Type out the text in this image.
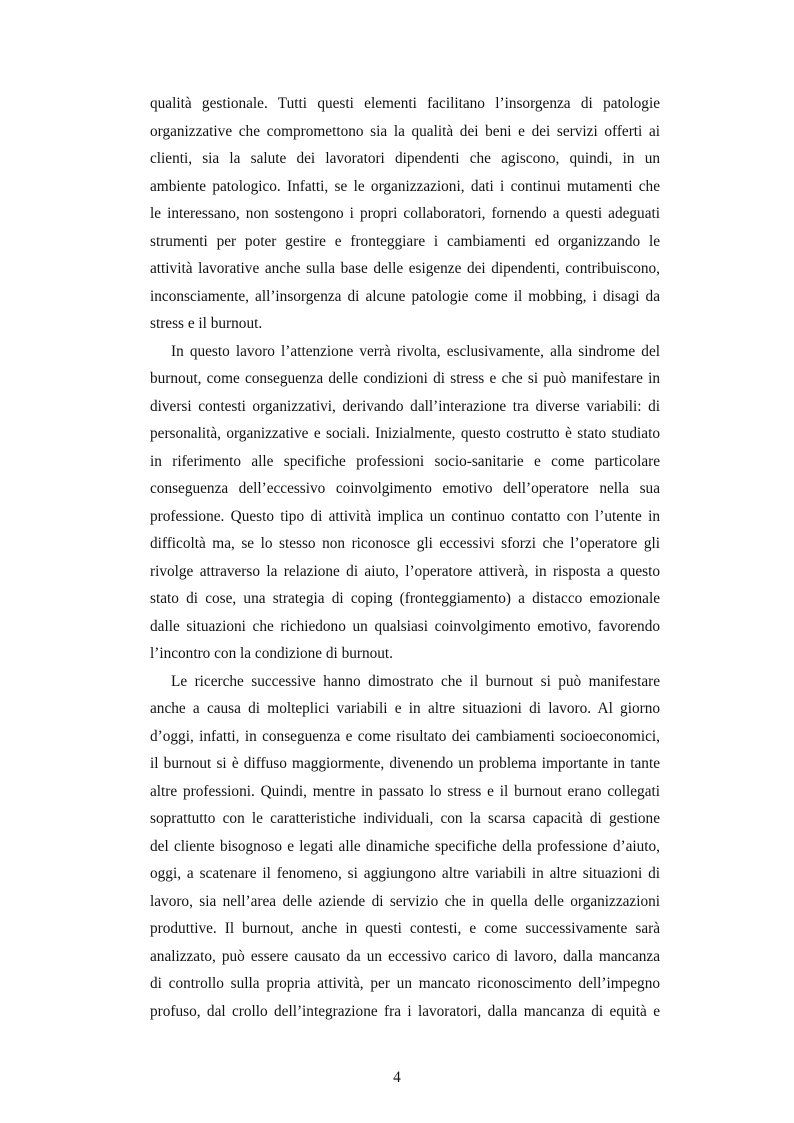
qualità gestionale. Tutti questi elementi facilitano l’insorgenza di patologie
organizzative che compromettono sia la qualità dei beni e dei servizi offerti ai
clienti, sia la salute dei lavoratori dipendenti che agiscono, quindi, in un
ambiente patologico. Infatti, se le organizzazioni, dati i continui mutamenti che
le interessano, non sostengono i propri collaboratori, fornendo a questi adeguati
strumenti per poter gestire e fronteggiare i cambiamenti ed organizzando le
attività lavorative anche sulla base delle esigenze dei dipendenti, contribuiscono,
inconsciamente, all’insorgenza di alcune patologie come il mobbing, i disagi da
stress e il burnout.

In questo lavoro l’attenzione verrà rivolta, esclusivamente, alla sindrome del
burnout, come conseguenza delle condizioni di stress e che si può manifestare in
diversi contesti organizzativi, derivando dall’interazione tra diverse variabili: di
personalità, organizzative e sociali. Inizialmente, questo costrutto è stato studiato
in riferimento alle specifiche professioni socio-sanitarie e come particolare
conseguenza dell’eccessivo coinvolgimento emotivo dell’operatore nella sua
professione. Questo tipo di attività implica un continuo contatto con l’utente in
difficoltà ma, se lo stesso non riconosce gli eccessivi sforzi che l’operatore gli
rivolge attraverso la relazione di aiuto, l’operatore attiverà, in risposta a questo
stato di cose, una strategia di coping (fronteggiamento) a distacco emozionale
dalle situazioni che richiedono un qualsiasi coinvolgimento emotivo, favorendo
l’incontro con la condizione di burnout.

Le ricerche successive hanno dimostrato che il burnout si può manifestare
anche a causa di molteplici variabili e in altre situazioni di lavoro. Al giorno
d’oggi, infatti, in conseguenza e come risultato dei cambiamenti socioeconomici,
il burnout si è diffuso maggiormente, divenendo un problema importante in tante
altre professioni. Quindi, mentre in passato lo stress e il burnout erano collegati
soprattutto con le caratteristiche individuali, con la scarsa capacità di gestione
del cliente bisognoso e legati alle dinamiche specifiche della professione d’aiuto,
oggi, a scatenare il fenomeno, si aggiungono altre variabili in altre situazioni di
lavoro, sia nell’area delle aziende di servizio che in quella delle organizzazioni
produttive. Il burnout, anche in questi contesti, e come successivamente sarà
analizzato, può essere causato da un eccessivo carico di lavoro, dalla mancanza
di controllo sulla propria attività, per un mancato riconoscimento dell’impegno
profuso, dal crollo dell’integrazione fra i lavoratori, dalla mancanza di equità e

4
